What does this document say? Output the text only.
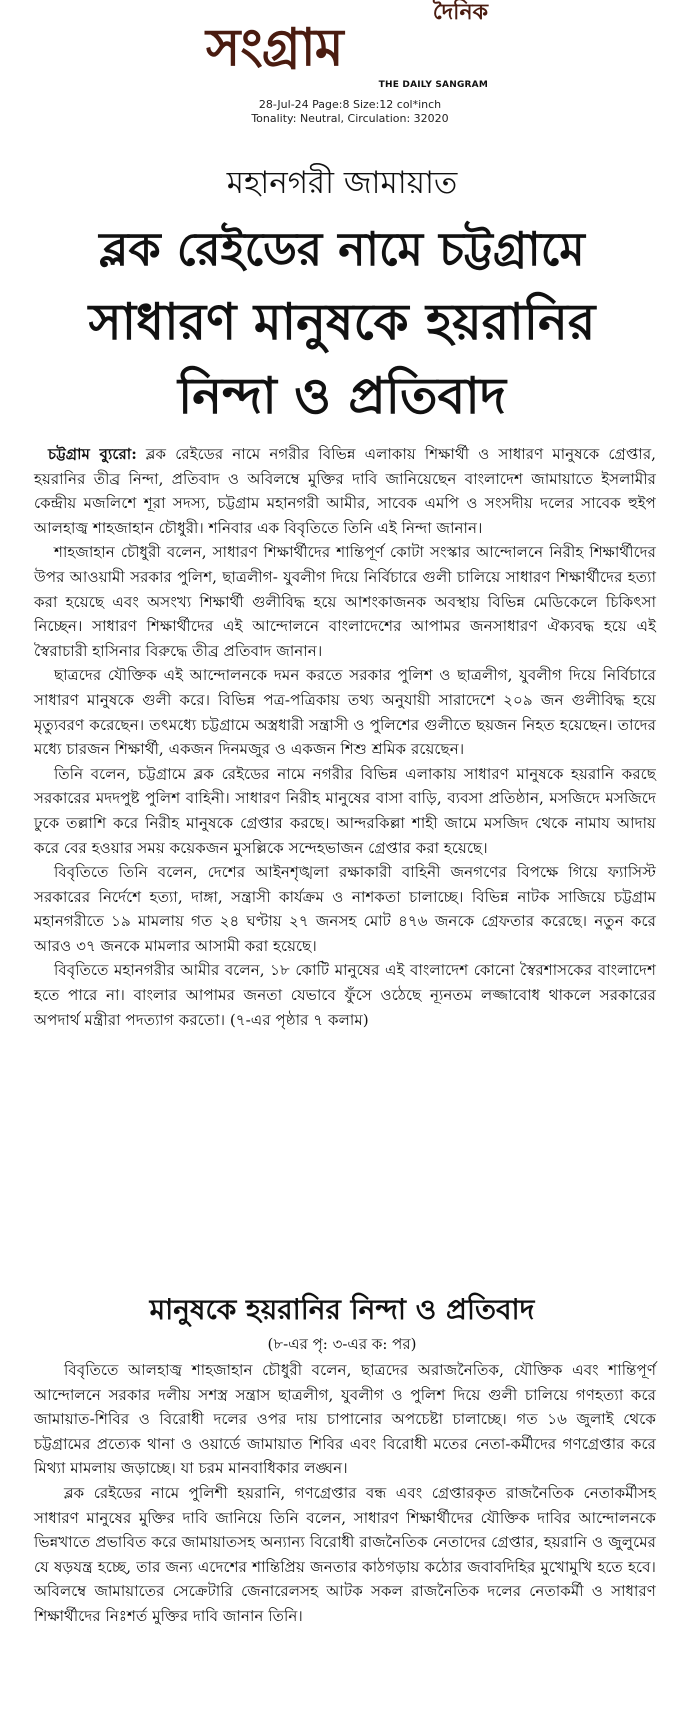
দৈনিক
সংগ্রাম
THE DAILY SANGRAM
28-Jul-24 Page:8 Size:12 col*inch
Tonality: Neutral, Circulation: 32020
মহানগরী জামায়াত
ব্লক রেইডের নামে চট্টগ্রামে
সাধারণ মানুষকে হয়রানির
নিন্দা ও প্রতিবাদ

চট্টগ্রাম ব্যুরো: ব্লক রেইডের নামে নগরীর বিভিন্ন এলাকায় শিক্ষার্থী ও সাধারণ মানুষকে গ্রেপ্তার, হয়রানির তীব্র নিন্দা, প্রতিবাদ ও অবিলম্বে মুক্তির দাবি জানিয়েছেন বাংলাদেশ জামায়াতে ইসলামীর কেন্দ্রীয় মজলিশে শূরা সদস্য, চট্টগ্রাম মহানগরী আমীর, সাবেক এমপি ও সংসদীয় দলের সাবেক হুইপ আলহাজ্ব শাহজাহান চৌধুরী। শনিবার এক বিবৃতিতে তিনি এই নিন্দা জানান।

শাহজাহান চৌধুরী বলেন, সাধারণ শিক্ষার্থীদের শান্তিপূর্ণ কোটা সংস্কার আন্দোলনে নিরীহ শিক্ষার্থীদের উপর আওয়ামী সরকার পুলিশ, ছাত্রলীগ- যুবলীগ দিয়ে নির্বিচারে গুলী চালিয়ে সাধারণ শিক্ষার্থীদের হত্যা করা হয়েছে এবং অসংখ্য শিক্ষার্থী গুলীবিদ্ধ হয়ে আশংকাজনক অবস্থায় বিভিন্ন মেডিকেলে চিকিৎসা নিচ্ছেন। সাধারণ শিক্ষার্থীদের এই আন্দোলনে বাংলাদেশের আপামর জনসাধারণ ঐক্যবদ্ধ হয়ে এই স্বৈরাচারী হাসিনার বিরুদ্ধে তীব্র প্রতিবাদ জানান।

ছাত্রদের যৌক্তিক এই আন্দোলনকে দমন করতে সরকার পুলিশ ও ছাত্রলীগ, যুবলীগ দিয়ে নির্বিচারে সাধারণ মানুষকে গুলী করে। বিভিন্ন পত্র-পত্রিকায় তথ্য অনুযায়ী সারাদেশে ২০৯ জন গুলীবিদ্ধ হয়ে মৃত্যুবরণ করেছেন। তৎমধ্যে চট্টগ্রামে অস্ত্রধারী সন্ত্রাসী ও পুলিশের গুলীতে ছয়জন নিহত হয়েছেন। তাদের মধ্যে চারজন শিক্ষার্থী, একজন দিনমজুর ও একজন শিশু শ্রমিক রয়েছেন।

তিনি বলেন, চট্টগ্রামে ব্লক রেইডের নামে নগরীর বিভিন্ন এলাকায় সাধারণ মানুষকে হয়রানি করছে সরকারের মদদপুষ্ট পুলিশ বাহিনী। সাধারণ নিরীহ মানুষের বাসা বাড়ি, ব্যবসা প্রতিষ্ঠান, মসজিদে মসজিদে ঢুকে তল্লাশি করে নিরীহ মানুষকে গ্রেপ্তার করছে। আন্দরকিল্লা শাহী জামে মসজিদ থেকে নামায আদায় করে বের হওয়ার সময় কয়েকজন মুসল্লিকে সন্দেহভাজন গ্রেপ্তার করা হয়েছে।

বিবৃতিতে তিনি বলেন, দেশের আইনশৃঙ্খলা রক্ষাকারী বাহিনী জনগণের বিপক্ষে গিয়ে ফ্যাসিস্ট সরকারের নির্দেশে হত্যা, দাঙ্গা, সন্ত্রাসী কার্যক্রম ও নাশকতা চালাচ্ছে। বিভিন্ন নাটক সাজিয়ে চট্টগ্রাম মহানগরীতে ১৯ মামলায় গত ২৪ ঘণ্টায় ২৭ জনসহ মোট ৪৭৬ জনকে গ্রেফতার করেছে। নতুন করে আরও ৩৭ জনকে মামলার আসামী করা হয়েছে।

বিবৃতিতে মহানগরীর আমীর বলেন, ১৮ কোটি মানুষের এই বাংলাদেশ কোনো স্বৈরশাসকের বাংলাদেশ হতে পারে না। বাংলার আপামর জনতা যেভাবে ফুঁসে ওঠেছে ন্যূনতম লজ্জাবোধ থাকলে সরকারের অপদার্থ মন্ত্রীরা পদত্যাগ করতো। (৭-এর পৃষ্ঠার ৭ কলাম)

মানুষকে হয়রানির নিন্দা ও প্রতিবাদ
(৮-এর পৃ: ৩-এর ক: পর)

বিবৃতিতে আলহাজ্ব শাহজাহান চৌধুরী বলেন, ছাত্রদের অরাজনৈতিক, যৌক্তিক এবং শান্তিপূর্ণ আন্দোলনে সরকার দলীয় সশস্ত্র সন্ত্রাস ছাত্রলীগ, যুবলীগ ও পুলিশ দিয়ে গুলী চালিয়ে গণহত্যা করে জামায়াত-শিবির ও বিরোধী দলের ওপর দায় চাপানোর অপচেষ্টা চালাচ্ছে। গত ১৬ জুলাই থেকে চট্টগ্রামের প্রত্যেক থানা ও ওয়ার্ডে জামায়াত শিবির এবং বিরোধী মতের নেতা-কর্মীদের গণগ্রেপ্তার করে মিথ্যা মামলায় জড়াচ্ছে। যা চরম মানবাধিকার লঙ্ঘন।

ব্লক রেইডের নামে পুলিশী হয়রানি, গণগ্রেপ্তার বন্ধ এবং গ্রেপ্তারকৃত রাজনৈতিক নেতাকর্মীসহ সাধারণ মানুষের মুক্তির দাবি জানিয়ে তিনি বলেন, সাধারণ শিক্ষার্থীদের যৌক্তিক দাবির আন্দোলনকে ভিন্নখাতে প্রভাবিত করে জামায়াতসহ অন্যান্য বিরোধী রাজনৈতিক নেতাদের গ্রেপ্তার, হয়রানি ও জুলুমের যে ষড়যন্ত্র হচ্ছে, তার জন্য এদেশের শান্তিপ্রিয় জনতার কাঠগড়ায় কঠোর জবাবদিহির মুখোমুখি হতে হবে। অবিলম্বে জামায়াতের সেক্রেটারি জেনারেলসহ আটক সকল রাজনৈতিক দলের নেতাকর্মী ও সাধারণ শিক্ষার্থীদের নিঃশর্ত মুক্তির দাবি জানান তিনি।
